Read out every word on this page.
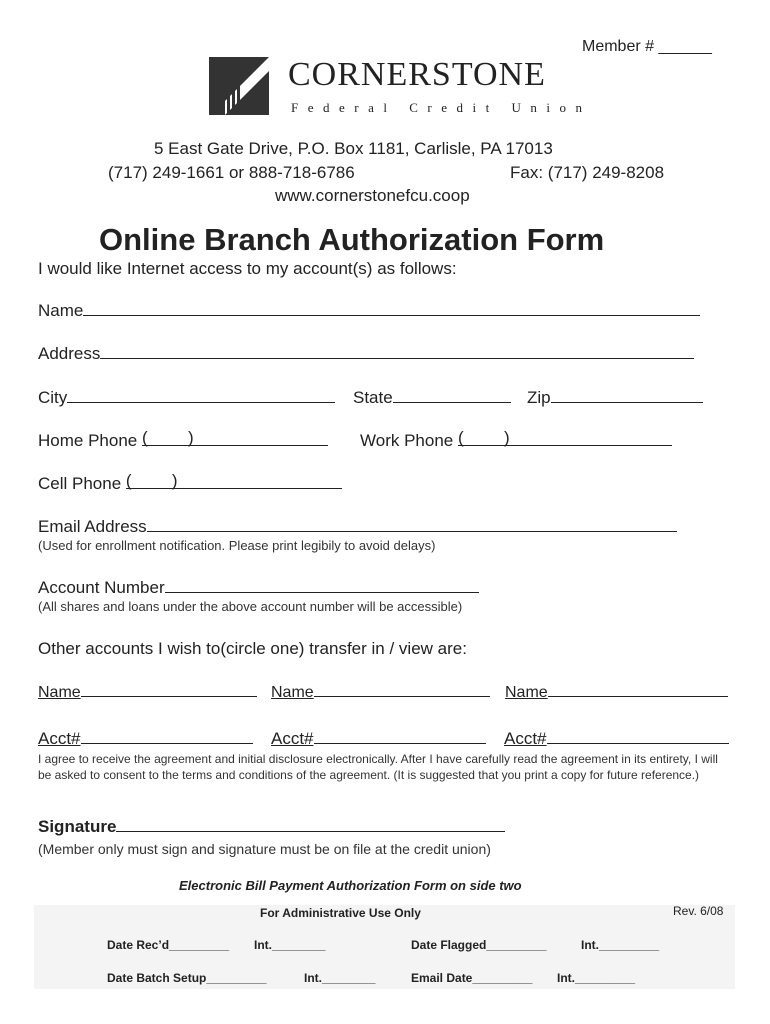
Member # ______
CORNERSTONE
Federal Credit Union
5 East Gate Drive, P.O. Box 1181, Carlisle, PA 17013
(717) 249-1661 or 888-718-6786	Fax: (717) 249-8208
www.cornerstonefcu.coop
Online Branch Authorization Form
I would like Internet access to my account(s) as follows:
Name
Address
City	State	Zip
Home Phone ( )	Work Phone ( )
Cell Phone ( )
Email Address
(Used for enrollment notification. Please print legibily to avoid delays)
Account Number
(All shares and loans under the above account number will be accessible)
Other accounts I wish to(circle one) transfer in / view are:
Name	Name	Name
Acct#	Acct#	Acct#
I agree to receive the agreement and initial disclosure electronically. After I have carefully read the agreement in its entirety, I will be asked to consent to the terms and conditions of the agreement. (It is suggested that you print a copy for future reference.)
Signature
(Member only must sign and signature must be on file at the credit union)
Electronic Bill Payment Authorization Form on side two
For Administrative Use Only	Rev. 6/08
Date Rec’d_________ Int.________	Date Flagged_________	Int._________
Date Batch Setup_________	Int.________	Email Date_________ Int._________
